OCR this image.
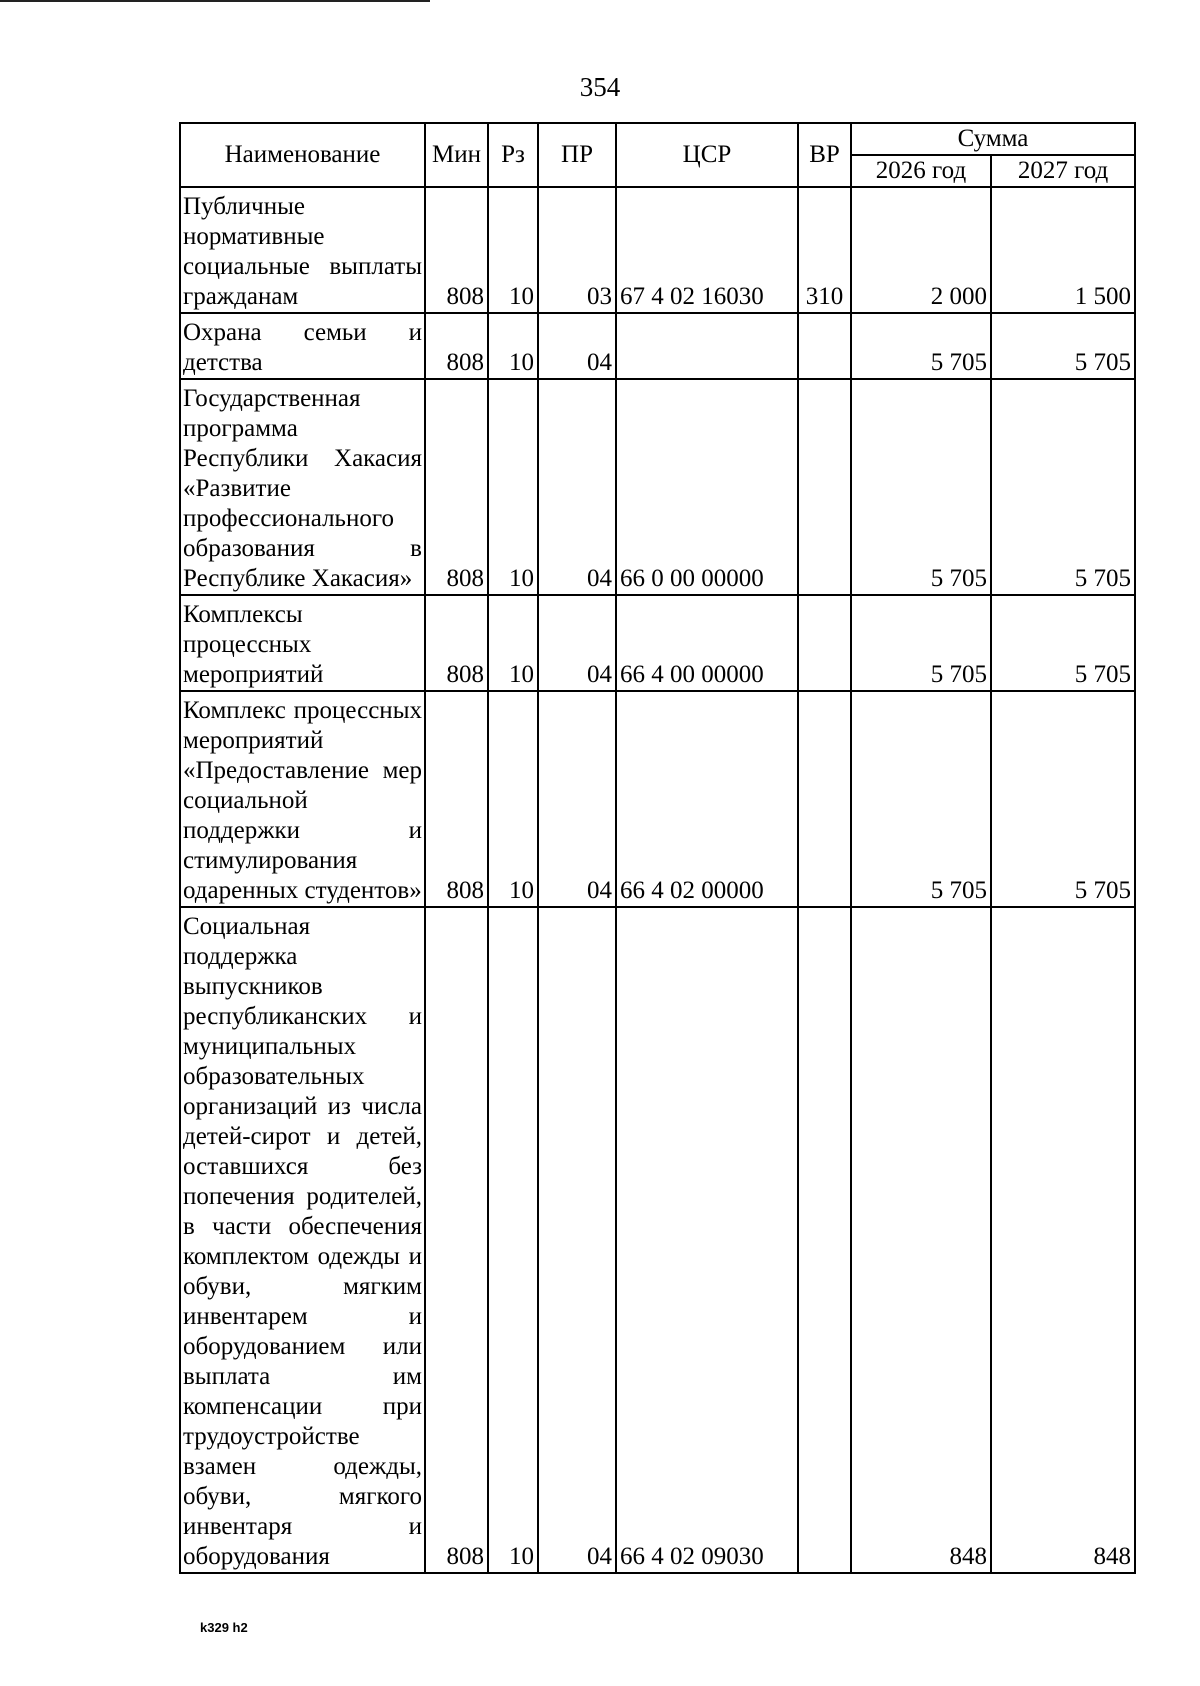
354
Наименование	Мин	Рз	ПР	ЦСР	ВР	Сумма	
						2026 год	2027 год
Публичные нормативные социальные выплаты гражданам	808	10	03	67 4 02 16030	310	2 000	1 500
Охрана семьи и детства	808	10	04			5 705	5 705
Государственная программа Республики Хакасия «Развитие профессионального образования в Республике Хакасия»	808	10	04	66 0 00 00000		5 705	5 705
Комплексы процессных мероприятий	808	10	04	66 4 00 00000		5 705	5 705
Комплекс процессных мероприятий «Предоставление мер социальной поддержки и стимулирования одаренных студентов»	808	10	04	66 4 02 00000		5 705	5 705
Социальная поддержка выпускников республиканских и муниципальных образовательных организаций из числа детей-сирот и детей, оставшихся без попечения родителей, в части обеспечения комплектом одежды и обуви, мягким инвентарем и оборудованием или выплата им компенсации при трудоустройстве взамен одежды, обуви, мягкого инвентаря и оборудования	808	10	04	66 4 02 09030		848	848
k329 h2
